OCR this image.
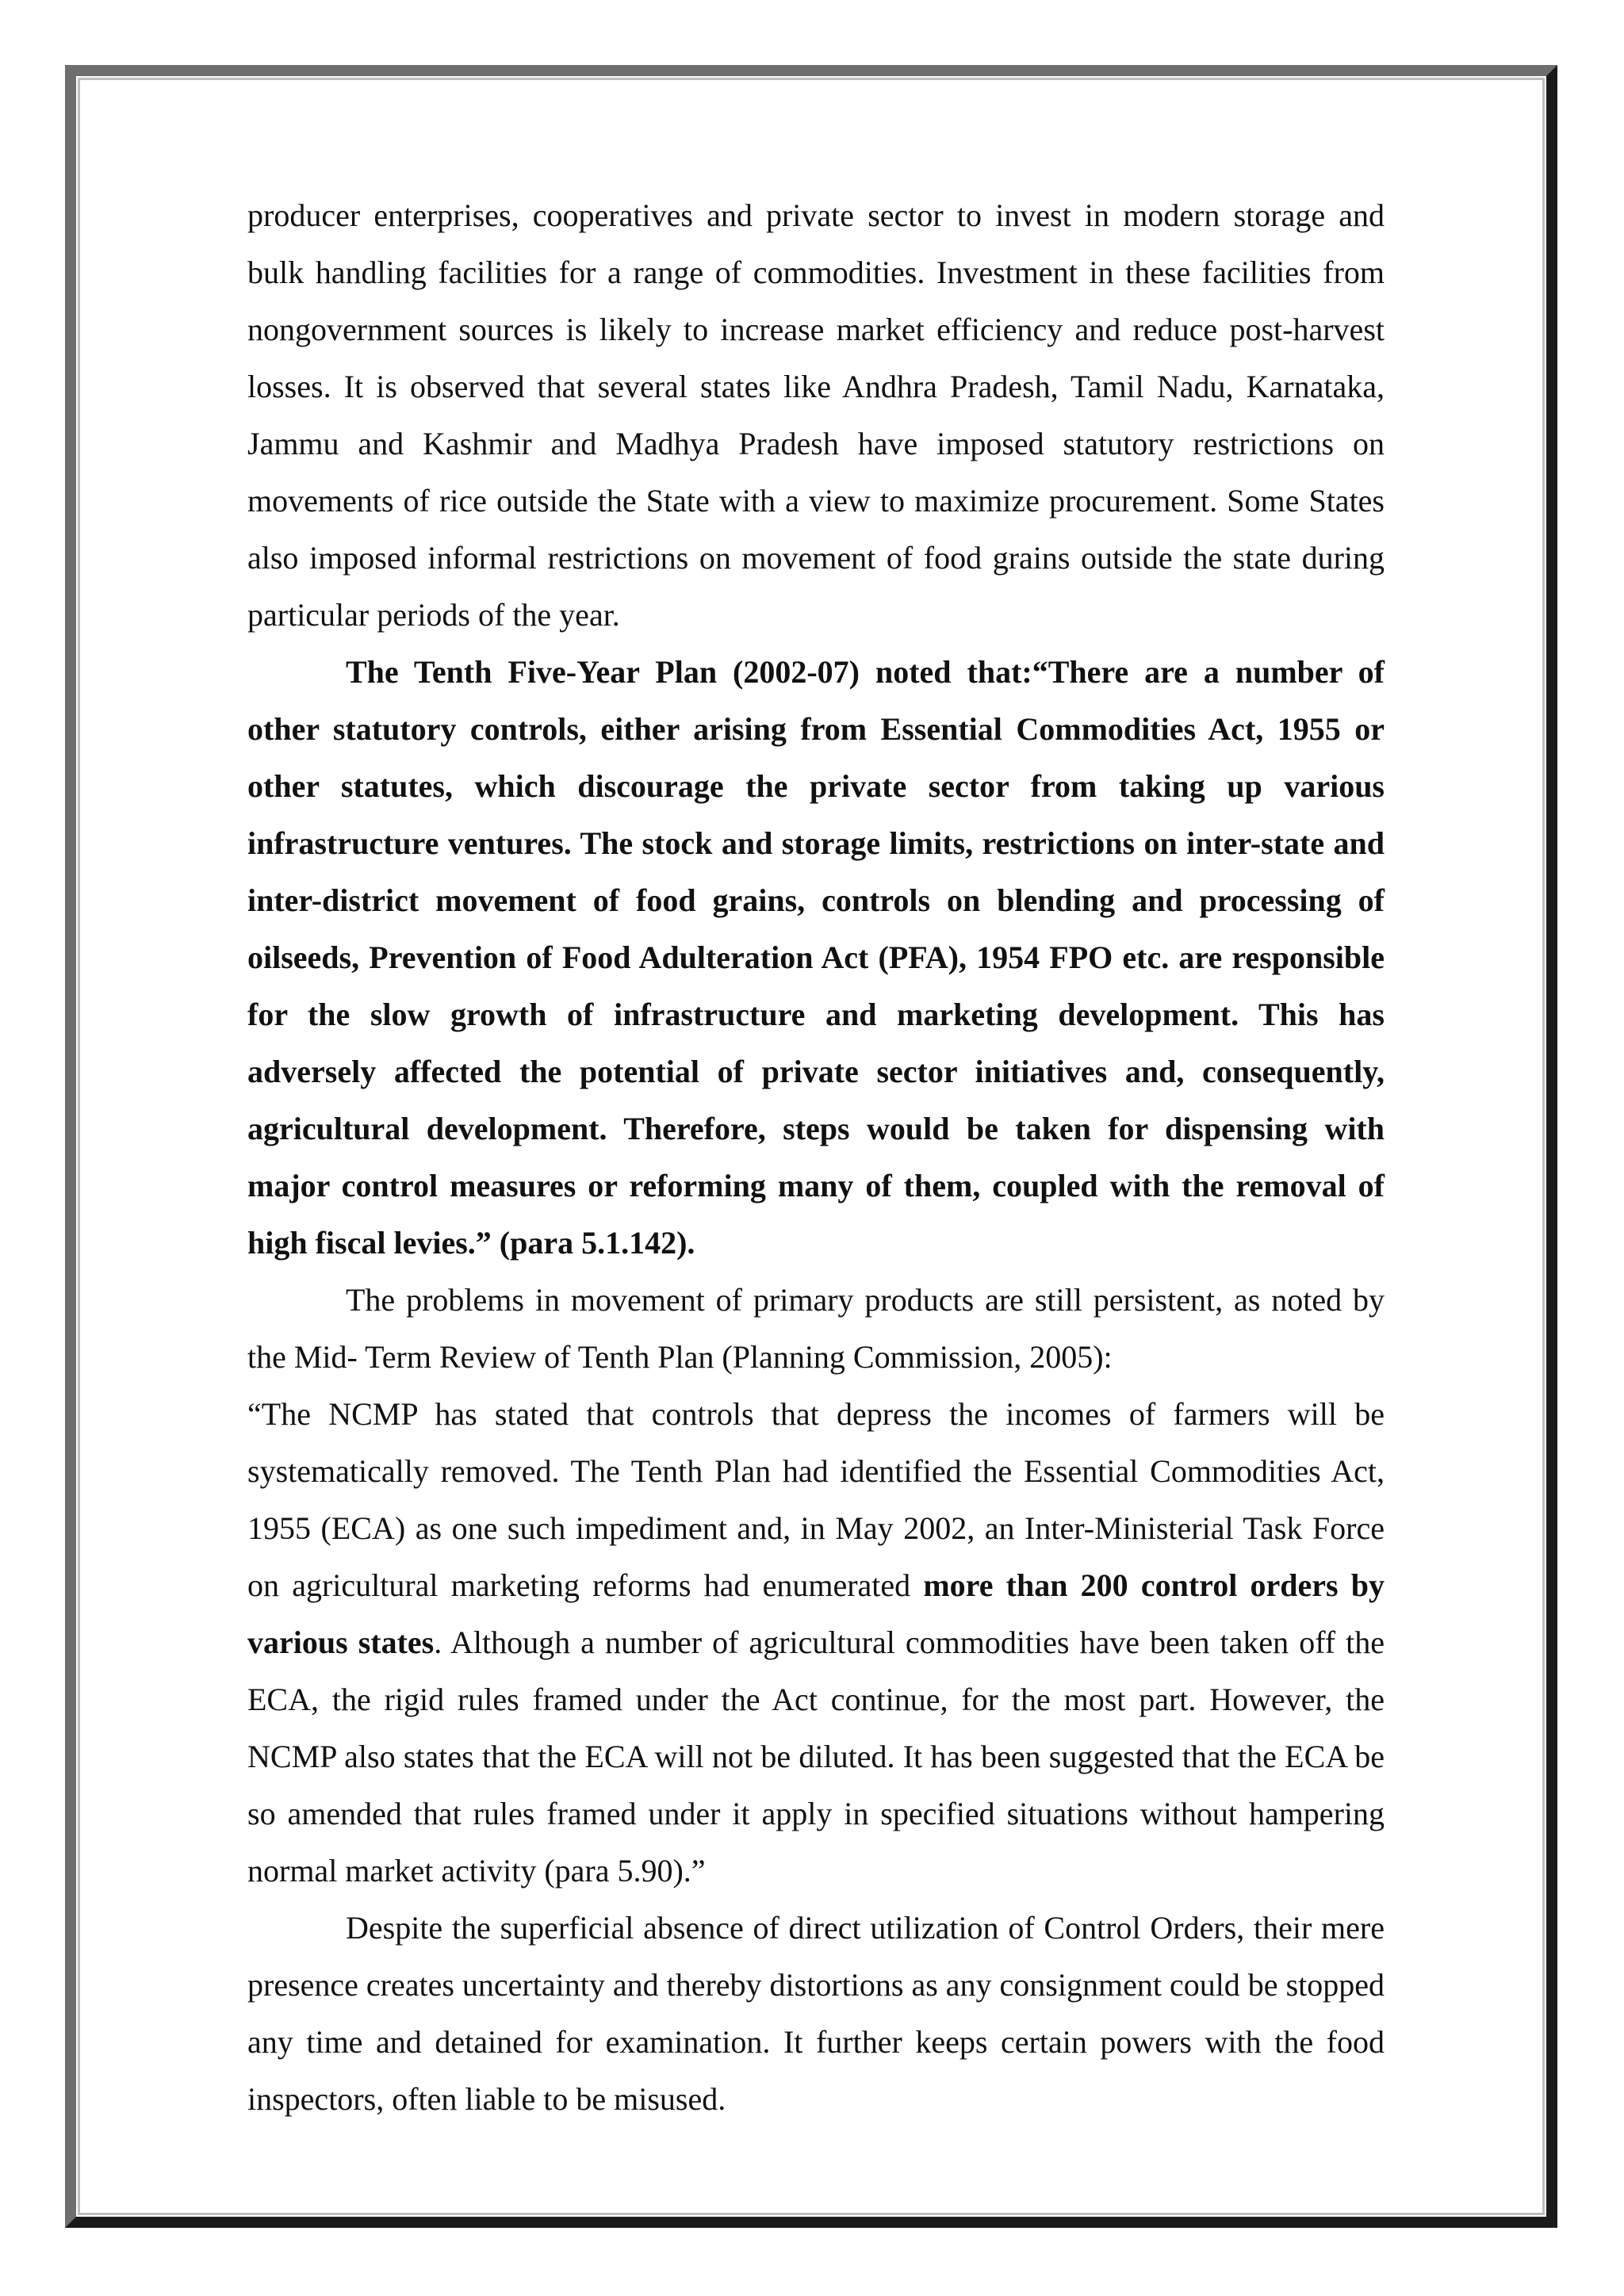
producer enterprises, cooperatives and private sector to invest in modern storage and bulk handling facilities for a range of commodities. Investment in these facilities from nongovernment sources is likely to increase market efficiency and reduce post-harvest losses. It is observed that several states like Andhra Pradesh, Tamil Nadu, Karnataka, Jammu and Kashmir and Madhya Pradesh have imposed statutory restrictions on movements of rice outside the State with a view to maximize procurement. Some States also imposed informal restrictions on movement of food grains outside the state during particular periods of the year.

The Tenth Five-Year Plan (2002-07) noted that:“There are a number of other statutory controls, either arising from Essential Commodities Act, 1955 or other statutes, which discourage the private sector from taking up various infrastructure ventures. The stock and storage limits, restrictions on inter-state and inter-district movement of food grains, controls on blending and processing of oilseeds, Prevention of Food Adulteration Act (PFA), 1954 FPO etc. are responsible for the slow growth of infrastructure and marketing development. This has adversely affected the potential of private sector initiatives and, consequently, agricultural development. Therefore, steps would be taken for dispensing with major control measures or reforming many of them, coupled with the removal of high fiscal levies.” (para 5.1.142).

The problems in movement of primary products are still persistent, as noted by the Mid- Term Review of Tenth Plan (Planning Commission, 2005):

“The NCMP has stated that controls that depress the incomes of farmers will be systematically removed. The Tenth Plan had identified the Essential Commodities Act, 1955 (ECA) as one such impediment and, in May 2002, an Inter-Ministerial Task Force on agricultural marketing reforms had enumerated more than 200 control orders by various states. Although a number of agricultural commodities have been taken off the ECA, the rigid rules framed under the Act continue, for the most part. However, the NCMP also states that the ECA will not be diluted. It has been suggested that the ECA be so amended that rules framed under it apply in specified situations without hampering normal market activity (para 5.90).”

Despite the superficial absence of direct utilization of Control Orders, their mere presence creates uncertainty and thereby distortions as any consignment could be stopped any time and detained for examination. It further keeps certain powers with the food inspectors, often liable to be misused.
